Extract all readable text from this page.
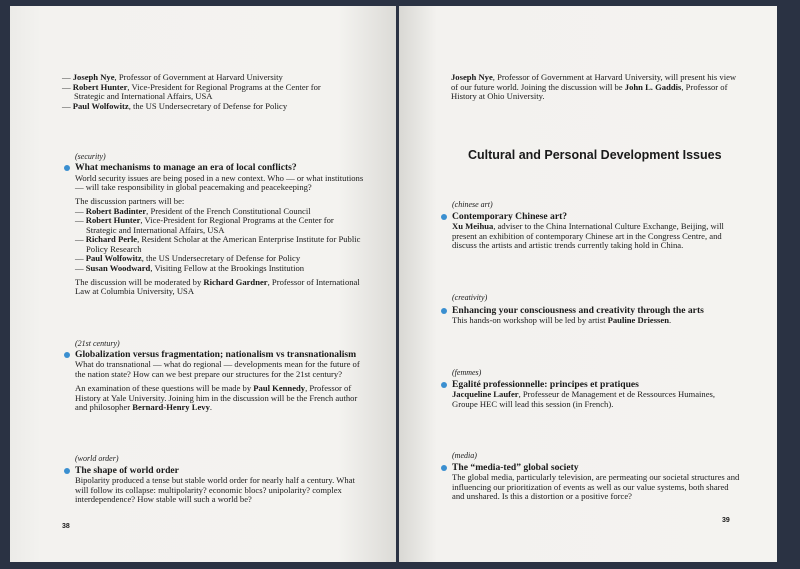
— Joseph Nye, Professor of Government at Harvard University
— Robert Hunter, Vice-President for Regional Programs at the Center for
Strategic and International Affairs, USA
— Paul Wolfowitz, the US Undersecretary of Defense for Policy
(security)
What mechanisms to manage an era of local conflicts?
World security issues are being posed in a new context. Who — or what institutions
— will take responsibility in global peacemaking and peacekeeping?
The discussion partners will be:
— Robert Badinter, President of the French Constitutional Council
— Robert Hunter, Vice-President for Regional Programs at the Center for
Strategic and International Affairs, USA
— Richard Perle, Resident Scholar at the American Enterprise Institute for Public
Policy Research
— Paul Wolfowitz, the US Undersecretary of Defense for Policy
— Susan Woodward, Visiting Fellow at the Brookings Institution
The discussion will be moderated by Richard Gardner, Professor of International
Law at Columbia University, USA
(21st century)
Globalization versus fragmentation; nationalism vs transnationalism
What do transnational — what do regional — developments mean for the future of
the nation state? How can we best prepare our structures for the 21st century?
An examination of these questions will be made by Paul Kennedy, Professor of
History at Yale University. Joining him in the discussion will be the French author
and philosopher Bernard-Henry Levy.
(world order)
The shape of world order
Bipolarity produced a tense but stable world order for nearly half a century. What
will follow its collapse: multipolarity? economic blocs? unipolarity? complex
interdependence? How stable will such a world be?
38
Joseph Nye, Professor of Government at Harvard University, will present his view
of our future world. Joining the discussion will be John L. Gaddis, Professor of
History at Ohio University.
Cultural and Personal Development Issues
(chinese art)
Contemporary Chinese art?
Xu Meihua, adviser to the China International Culture Exchange, Beijing, will
present an exhibition of contemporary Chinese art in the Congress Centre, and
discuss the artists and artistic trends currently taking hold in China.
(creativity)
Enhancing your consciousness and creativity through the arts
This hands-on workshop will be led by artist Pauline Driessen.
(femmes)
Egalité professionnelle: principes et pratiques
Jacqueline Laufer, Professeur de Management et de Ressources Humaines,
Groupe HEC will lead this session (in French).
(media)
The “media-ted” global society
The global media, particularly television, are permeating our societal structures and
influencing our prioritization of events as well as our value systems, both shared
and unshared. Is this a distortion or a positive force?
39
